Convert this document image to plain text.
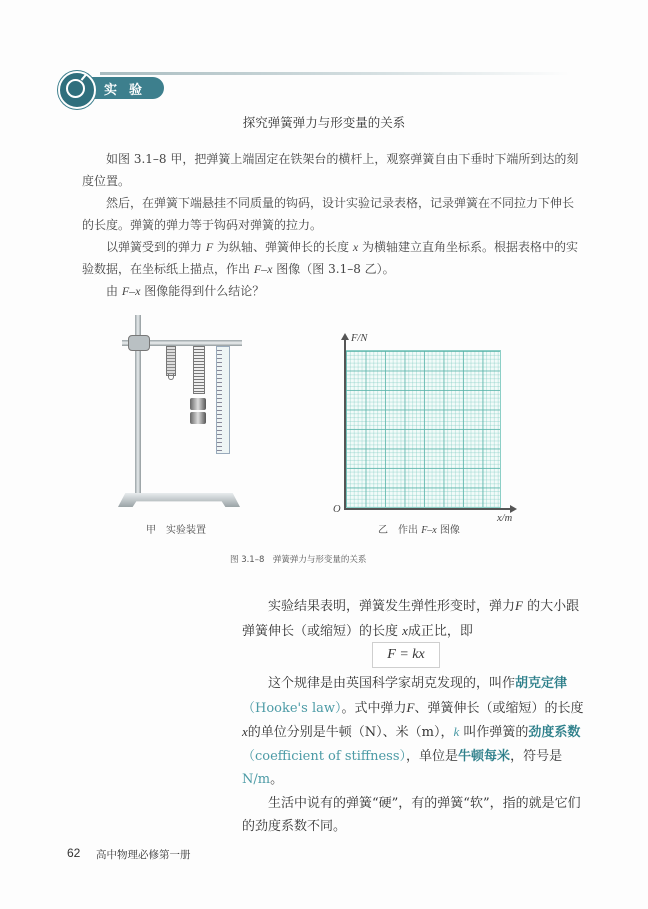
实验
探究弹簧弹力与形变量的关系

如图 3.1–8 甲，把弹簧上端固定在铁架台的横杆上，观察弹簧自由下垂时下端所到达的刻度位置。

然后，在弹簧下端悬挂不同质量的钩码，设计实验记录表格，记录弹簧在不同拉力下伸长的长度。弹簧的弹力等于钩码对弹簧的拉力。

以弹簧受到的弹力 F 为纵轴、弹簧伸长的长度 x 为横轴建立直角坐标系。根据表格中的实验数据，在坐标纸上描点，作出 F–x 图像（图 3.1–8 乙）。

由 F–x 图像能得到什么结论？

甲　实验装置
F/N
x/m
O
乙　作出 F–x 图像
图 3.1–8　弹簧弹力与形变量的关系

实验结果表明，弹簧发生弹性形变时，弹力F 的大小跟弹簧伸长（或缩短）的长度 x成正比，即

F = kx

这个规律是由英国科学家胡克发现的，叫作胡克定律（Hooke's law）。式中弹力F、弹簧伸长（或缩短）的长度x的单位分别是牛顿（N）、米（m），k 叫作弹簧的劲度系数（coefficient of stiffness），单位是牛顿每米，符号是N/m。

生活中说有的弹簧“硬”，有的弹簧“软”，指的就是它们的劲度系数不同。

62 高中物理必修第一册
